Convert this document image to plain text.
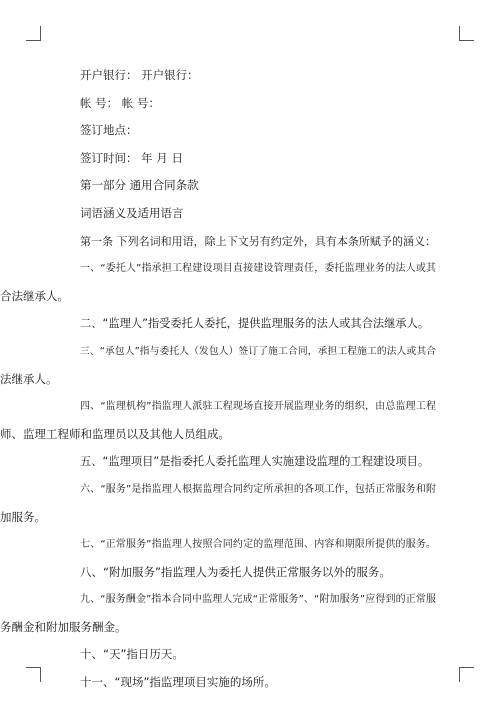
开户银行： 开户银行：
帐 号： 帐 号：
签订地点：
签订时间： 年 月 日
第一部分 通用合同条款
词语涵义及适用语言
第一条 下列名词和用语，除上下文另有约定外，具有本条所赋予的涵义：
一、“委托人”指承担工程建设项目直接建设管理责任，委托监理业务的法人或其
合法继承人。
二、“监理人”指受委托人委托，提供监理服务的法人或其合法继承人。
三、“承包人”指与委托人（发包人）签订了施工合同，承担工程施工的法人或其合
法继承人。
四、“监理机构”指监理人派驻工程现场直接开展监理业务的组织，由总监理工程
师、监理工程师和监理员以及其他人员组成。
五、“监理项目”是指委托人委托监理人实施建设监理的工程建设项目。
六、“服务”是指监理人根据监理合同约定所承担的各项工作，包括正常服务和附
加服务。
七、“正常服务”指监理人按照合同约定的监理范围、内容和期限所提供的服务。
八、“附加服务”指监理人为委托人提供正常服务以外的服务。
九、“服务酬金”指本合同中监理人完成“正常服务”、“附加服务”应得到的正常服
务酬金和附加服务酬金。
十、“天”指日历天。
十一、“现场”指监理项目实施的场所。
